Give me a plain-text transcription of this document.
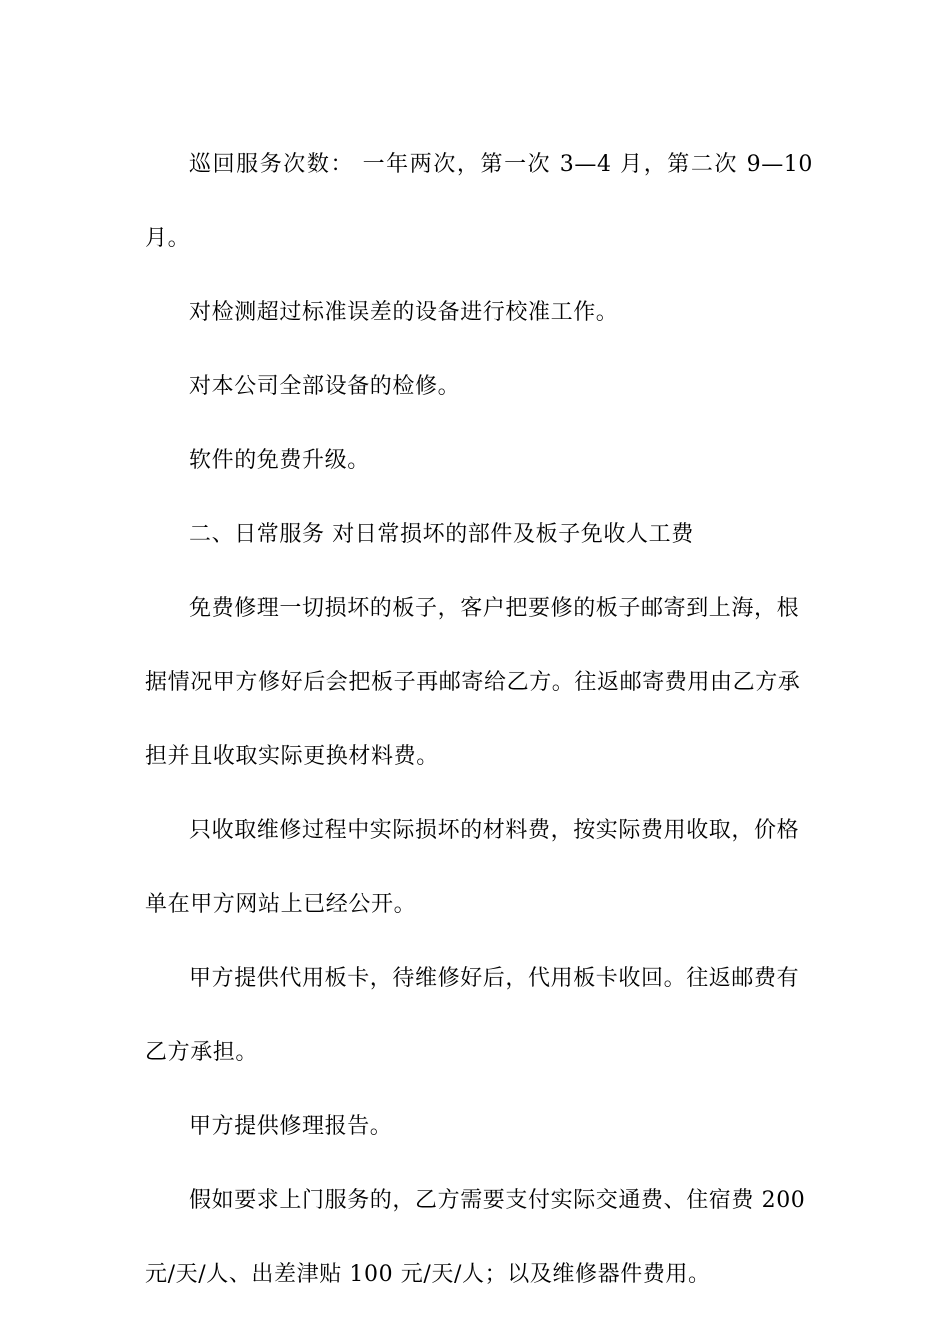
巡回服务次数： 一年两次，第一次 3—4 月，第二次 9—10 月。

对检测超过标准误差的设备进行校准工作。

对本公司全部设备的检修。

软件的免费升级。

二、日常服务 对日常损坏的部件及板子免收人工费

免费修理一切损坏的板子，客户把要修的板子邮寄到上海，根
据情况甲方修好后会把板子再邮寄给乙方。往返邮寄费用由乙方承
担并且收取实际更换材料费。

只收取维修过程中实际损坏的材料费，按实际费用收取，价格
单在甲方网站上已经公开。

甲方提供代用板卡，待维修好后，代用板卡收回。往返邮费有
乙方承担。

甲方提供修理报告。

假如要求上门服务的，乙方需要支付实际交通费、住宿费 200
元/天/人、出差津贴 100 元/天/人；以及维修器件费用。
